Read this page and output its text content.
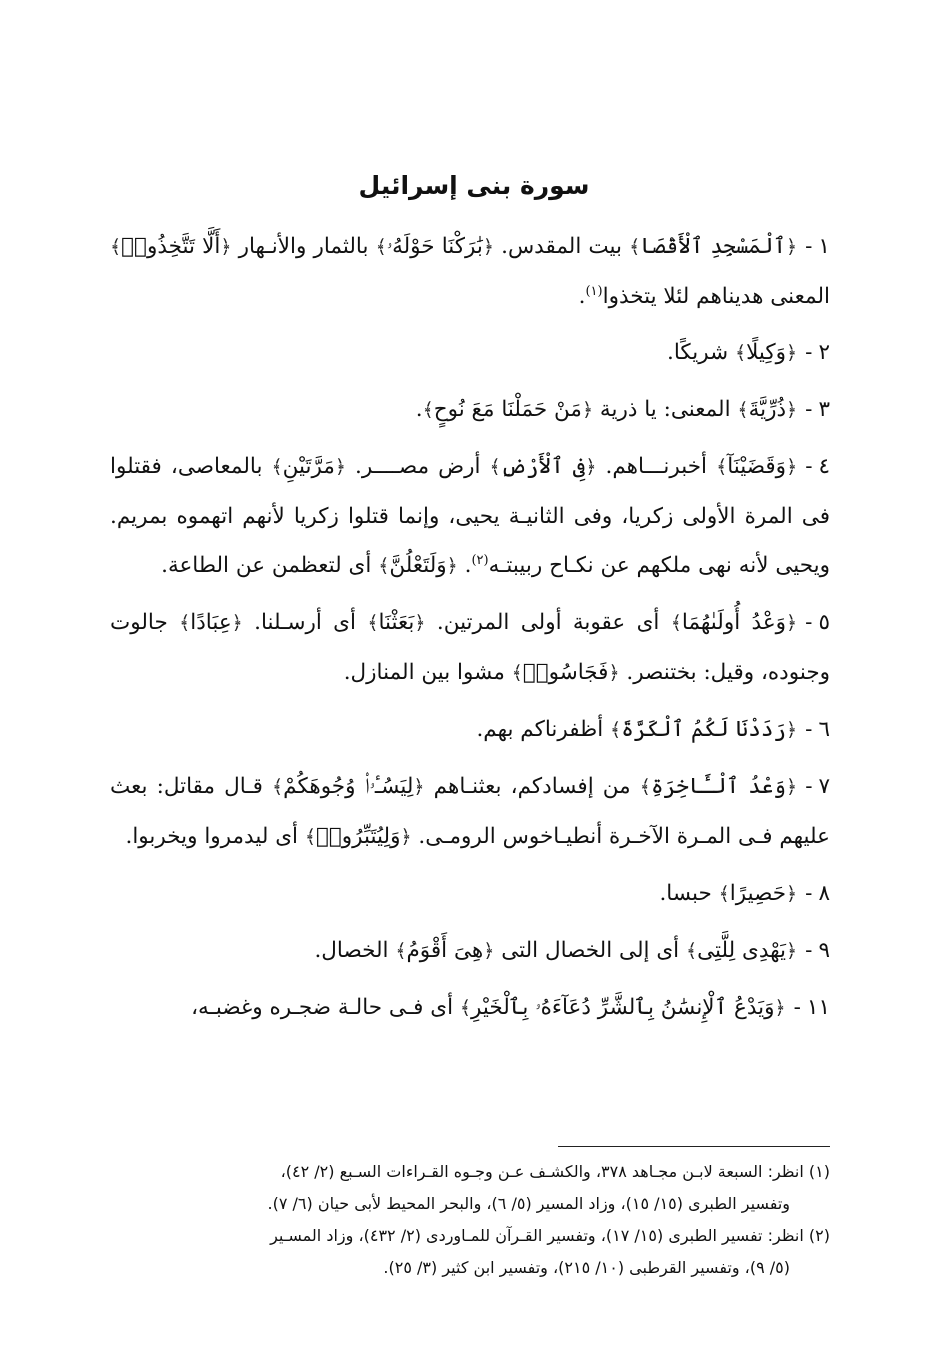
سورة بنى إسرائيل

١-﴿ٱلْمَسْجِدِ ٱلْأَقْصَا﴾ بيت المقدس. ﴿بَٰرَكْنَا حَوْلَهُۥ﴾ بالثمار والأنـهار ﴿أَلَّا تَتَّخِذُوا۟﴾ المعنى هديناهم لئلا يتخذوا$^{(١)}$.

٢-﴿وَكِيلًا﴾ شريكًا.

٣-﴿ذُرِّيَّةَ﴾ المعنى: يا ذرية ﴿مَنْ حَمَلْنَا مَعَ نُوحٍ﴾.

٤-﴿وَقَضَيْنَآ﴾ أخبرنـــاهم. ﴿فِى ٱلْأَرْضِ﴾ أرض مصــــر. ﴿مَرَّتَيْنِ﴾ بالمعاصى، فقتلوا فى المرة الأولى زكريا، وفى الثانيـة يحيى، وإنما قتلوا زكريا لأنهم اتهموه بمريم. ويحيى لأنه نهى ملكهم عن نكـاح ربيبتـه$^{(٢)}$. ﴿وَلَتَعْلُنَّ﴾ أى لتعظمن عن الطاعة.

٥-﴿وَعْدُ أُولَىٰهُمَا﴾ أى عقوبة أولى المرتين. ﴿بَعَثْنَا﴾ أى أرسـلنا. ﴿عِبَادًا﴾ جالوت وجنوده، وقيل: بختنصر. ﴿فَجَاسُوا۟﴾ مشوا بين المنازل.

٦-﴿رَدَدْنَا لَكُمُ ٱلْكَرَّةَ﴾ أظفرناكم بهم.

٧-﴿وَعْدُ ٱلْـَٔاخِرَةِ﴾ من إفسادكم، بعثنـاهم ﴿لِيَسُـٔۥا۟ وُجُوهَكُمْ﴾ قـال مقاتل: بعث عليهم فـى المـرة الآخـرة أنطيـاخوس الرومـى. ﴿وَلِيُتَبِّرُوا۟﴾ أى ليدمروا ويخربوا.

٨-﴿حَصِيرًا﴾ حبسا.

٩-﴿يَهْدِى لِلَّتِى﴾ أى إلى الخصال التى ﴿هِىَ أَقْوَمُ﴾ الخصال.

١١-﴿وَيَدْعُ ٱلْإِنسَٰنُ بِٱلشَّرِّ دُعَآءَهُۥ بِٱلْخَيْرِ﴾ أى فـى حالـة ضجـره وغضبـه،

(١) انظر: السبعة لابـن مجـاهد ٣٧٨، والكشـف عـن وجـوه القـراءات السـبع (٢/ ٤٢)،
وتفسير الطبرى (١٥/ ١٥)، وزاد المسير (٥/ ٦)، والبحر المحيط لأبى حيان (٦/ ٧).
(٢) انظر: تفسير الطبرى (١٥/ ١٧)، وتفسير القـرآن للمـاوردى (٢/ ٤٣٢)، وزاد المسـير
(٥/ ٩)، وتفسير القرطبى (١٠/ ٢١٥)، وتفسير ابن كثير (٣/ ٢٥).
